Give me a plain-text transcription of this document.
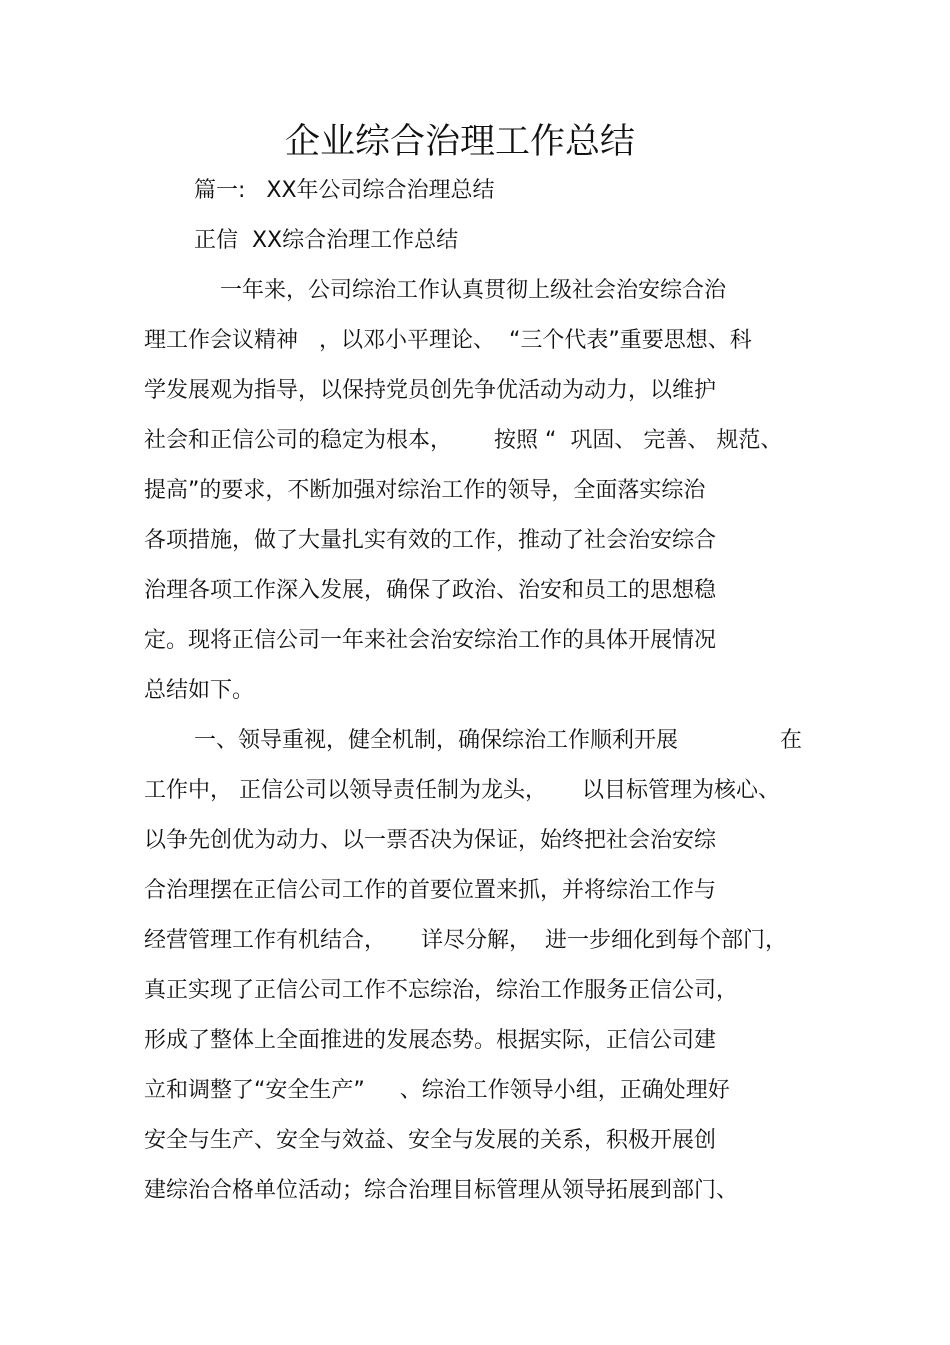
企业综合治理工作总结
篇一:   XX年公司综合治理总结
正信  XX综合治理工作总结
一年来，公司综治工作认真贯彻上级社会治安综合治
理工作会议精神   ，以邓小平理论、  “三个代表”重要思想、科
学发展观为指导，以保持党员创先争优活动为动力，以维护
社会和正信公司的稳定为根本，      按照 “  巩固、 完善、 规范、
提高”的要求，不断加强对综治工作的领导，全面落实综治
各项措施，做了大量扎实有效的工作，推动了社会治安综合
治理各项工作深入发展，确保了政治、治安和员工的思想稳
定。现将正信公司一年来社会治安综治工作的具体开展情况
总结如下。
一、领导重视，健全机制，确保综治工作顺利开展	在
工作中， 正信公司以领导责任制为龙头，     以目标管理为核心、
以争先创优为动力、以一票否决为保证，始终把社会治安综
合治理摆在正信公司工作的首要位置来抓，并将综治工作与
经营管理工作有机结合，     详尽分解，  进一步细化到每个部门，
真正实现了正信公司工作不忘综治，综治工作服务正信公司，
形成了整体上全面推进的发展态势。根据实际，正信公司建
立和调整了“安全生产”     、综治工作领导小组，正确处理好
安全与生产、安全与效益、安全与发展的关系，积极开展创
建综治合格单位活动；综合治理目标管理从领导拓展到部门、
